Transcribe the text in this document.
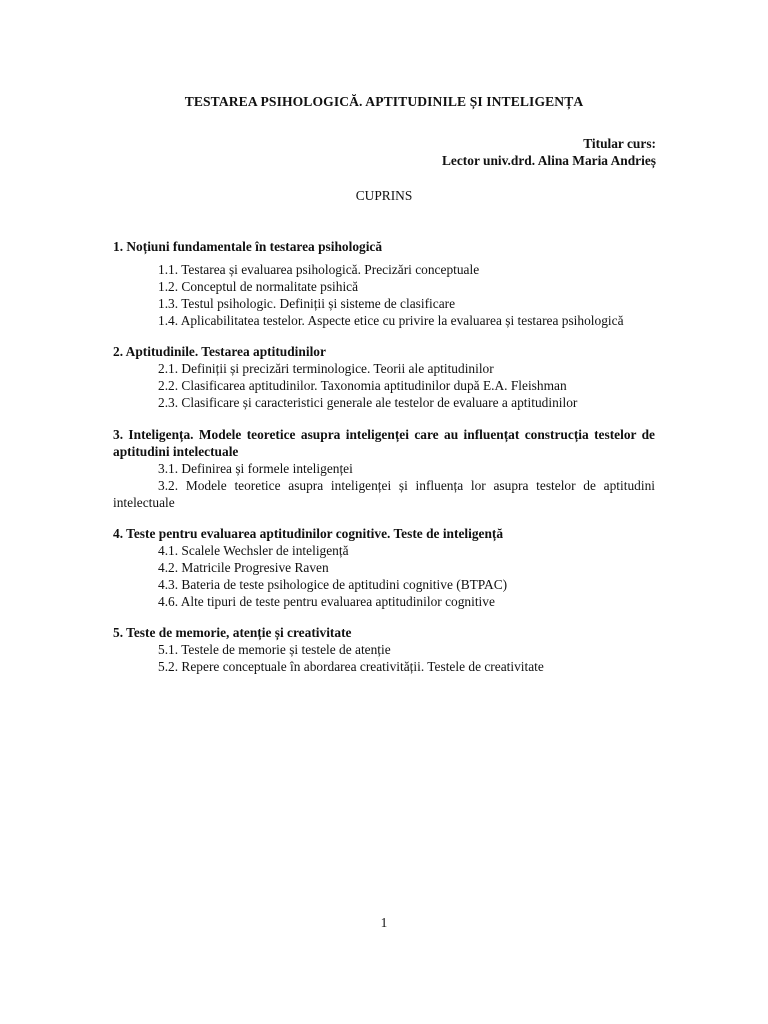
TESTAREA PSIHOLOGICĂ. APTITUDINILE ȘI INTELIGENȚA
Titular curs:
Lector univ.drd. Alina Maria Andrieș
CUPRINS
1. Noțiuni fundamentale în testarea psihologică
1.1. Testarea și evaluarea psihologică. Precizări conceptuale
1.2. Conceptul de normalitate psihică
1.3. Testul psihologic. Definiții și sisteme de clasificare
1.4. Aplicabilitatea testelor. Aspecte etice cu privire la evaluarea și testarea psihologică
2. Aptitudinile. Testarea aptitudinilor
2.1. Definiții și precizări terminologice. Teorii ale aptitudinilor
2.2. Clasificarea aptitudinilor. Taxonomia aptitudinilor după E.A. Fleishman
2.3. Clasificare și caracteristici generale ale testelor de evaluare a aptitudinilor
3. Inteligența. Modele teoretice asupra inteligenței care au influențat construcția testelor de aptitudini intelectuale
3.1. Definirea și formele inteligenței
3.2. Modele teoretice asupra inteligenței și influența lor asupra testelor de aptitudini intelectuale
4. Teste pentru evaluarea aptitudinilor cognitive. Teste de inteligență
4.1. Scalele Wechsler de inteligență
4.2. Matricile Progresive Raven
4.3. Bateria de teste psihologice de aptitudini cognitive (BTPAC)
4.6. Alte tipuri de teste pentru evaluarea aptitudinilor cognitive
5. Teste de memorie, atenție și creativitate
5.1. Testele de memorie și testele de atenție
5.2. Repere conceptuale în abordarea creativității. Testele de creativitate
1
